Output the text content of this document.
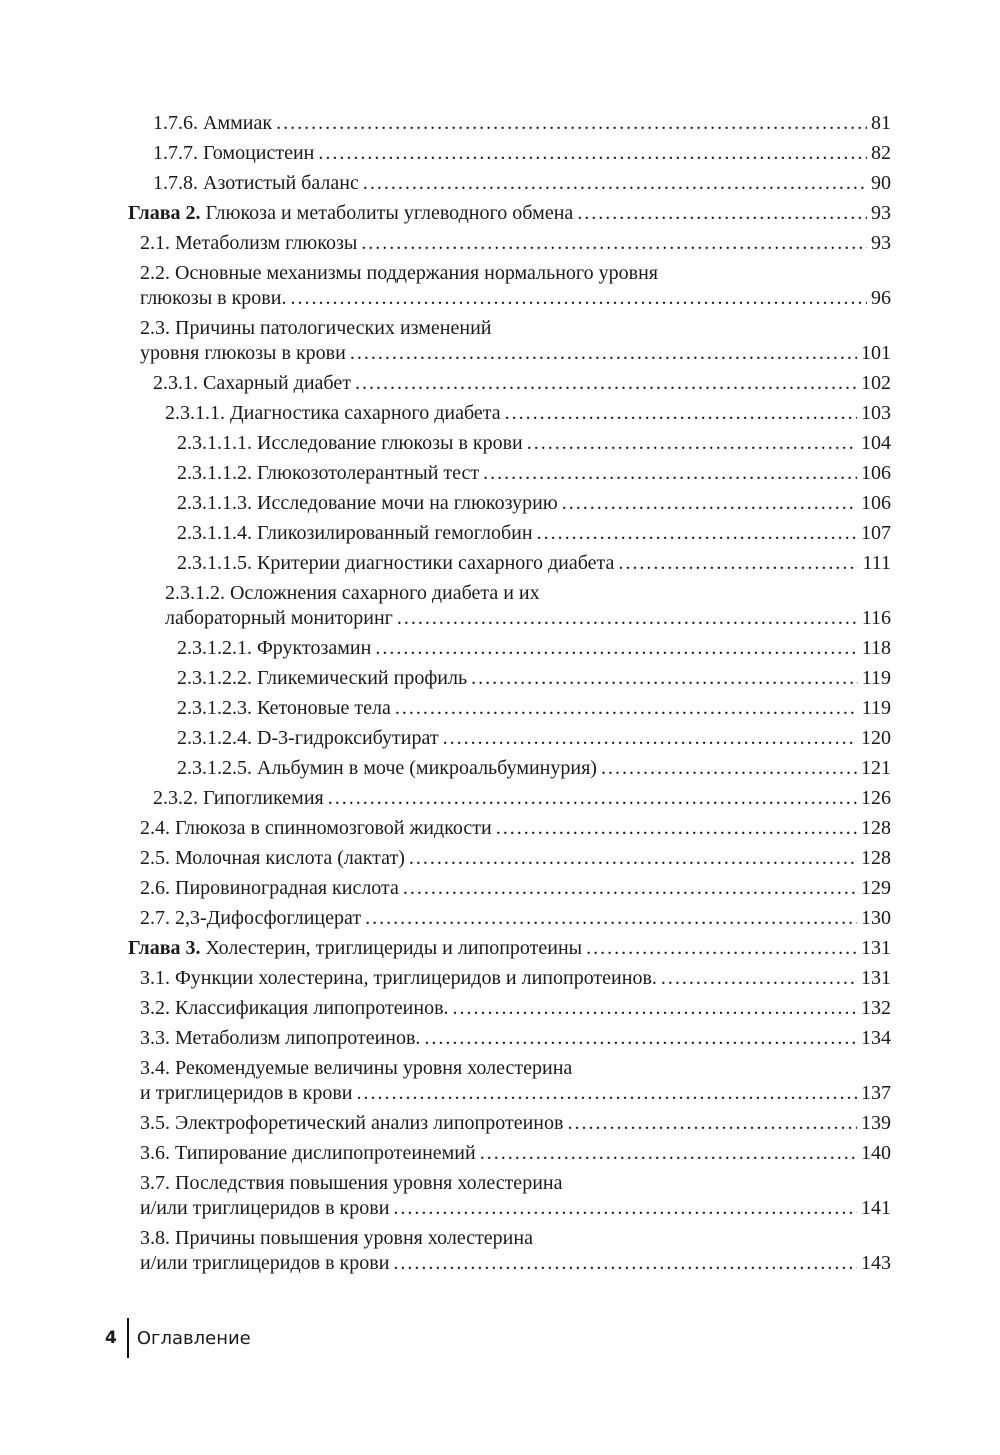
1.7.6. Аммиак . . .	81
1.7.7. Гомоцистеин . . .	82
1.7.8. Азотистый баланс . . .	90
Глава 2. Глюкоза и метаболиты углеводного обмена . . .	93
2.1. Метаболизм глюкозы . . .	93
2.2. Основные механизмы поддержания нормального уровня
глюкозы в крови. . . .	96
2.3. Причины патологических изменений
уровня глюкозы в крови . . .	101
2.3.1. Сахарный диабет . . .	102
2.3.1.1. Диагностика сахарного диабета . . .	103
2.3.1.1.1. Исследование глюкозы в крови . . .	104
2.3.1.1.2. Глюкозотолерантный тест . . .	106
2.3.1.1.3. Исследование мочи на глюкозурию . . .	106
2.3.1.1.4. Гликозилированный гемоглобин . . .	107
2.3.1.1.5. Критерии диагностики сахарного диабета . . .	111
2.3.1.2. Осложнения сахарного диабета и их
лабораторный мониторинг . . .	116
2.3.1.2.1. Фруктозамин . . .	118
2.3.1.2.2. Гликемический профиль . . .	119
2.3.1.2.3. Кетоновые тела . . .	119
2.3.1.2.4. D-3-гидроксибутират . . .	120
2.3.1.2.5. Альбумин в моче (микроальбуминурия) . . .	121
2.3.2. Гипогликемия . . .	126
2.4. Глюкоза в спинномозговой жидкости . . .	128
2.5. Молочная кислота (лактат) . . .	128
2.6. Пировиноградная кислота . . .	129
2.7. 2,3-Дифосфоглицерат . . .	130
Глава 3. Холестерин, триглицериды и липопротеины . . .	131
3.1. Функции холестерина, триглицеридов и липопротеинов. . . .	131
3.2. Классификация липопротеинов. . . .	132
3.3. Метаболизм липопротеинов. . . .	134
3.4. Рекомендуемые величины уровня холестерина
и триглицеридов в крови . . .	137
3.5. Электрофоретический анализ липопротеинов . . .	139
3.6. Типирование дислипопротеинемий . . .	140
3.7. Последствия повышения уровня холестерина
и/или триглицеридов в крови . . .	141
3.8. Причины повышения уровня холестерина
и/или триглицеридов в крови . . .	143
4 Оглавление
